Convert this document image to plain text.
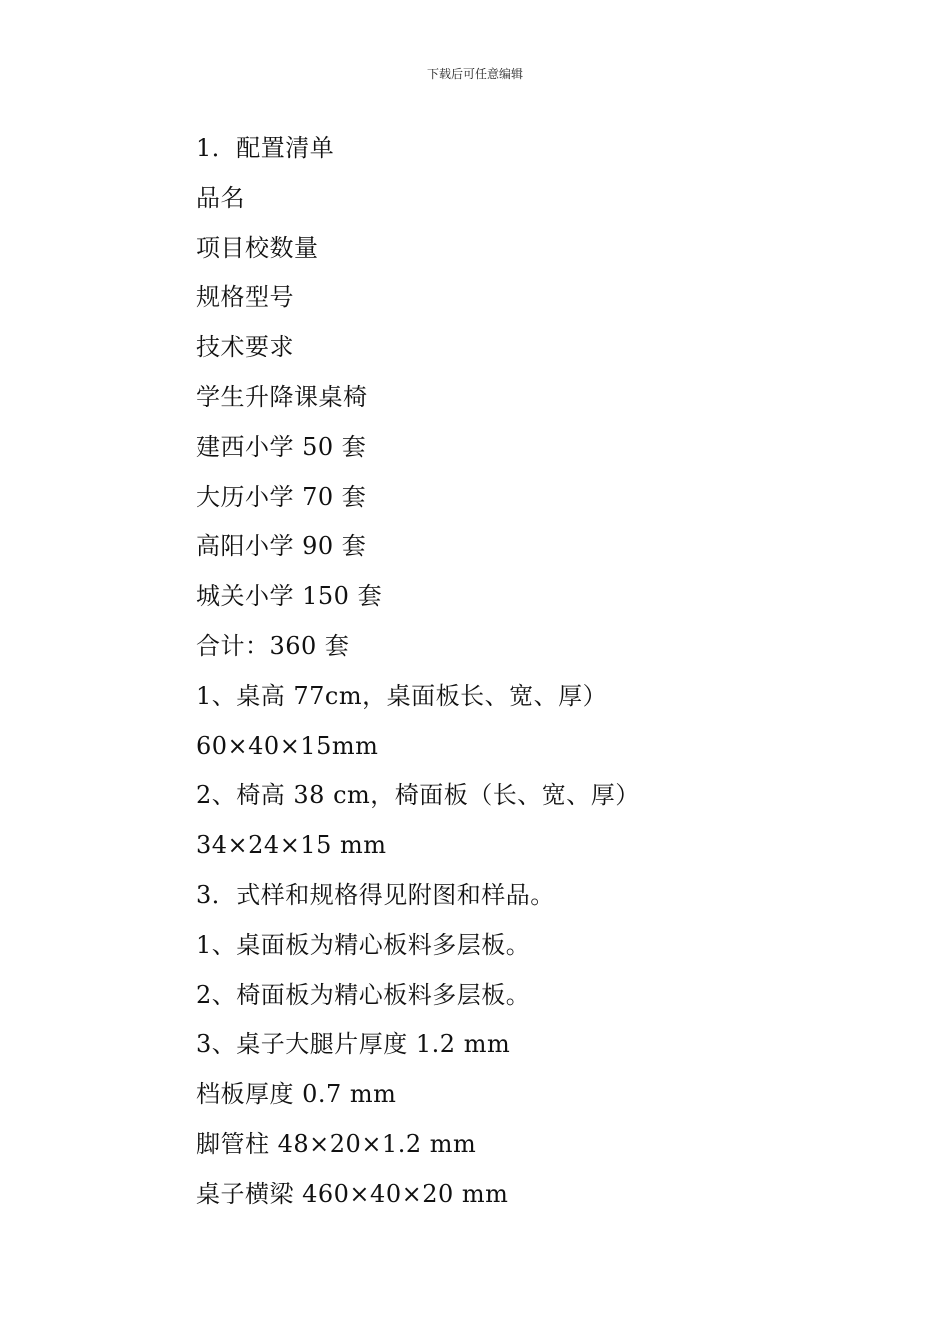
下载后可任意编辑
1．配置清单
品名
项目校数量
规格型号
技术要求
学生升降课桌椅
建西小学 50 套
大历小学 70 套
高阳小学 90 套
城关小学 150 套
合计：360 套
1、桌高 77cm，桌面板长、宽、厚）
60×40×15mm
2、椅高 38 cm，椅面板（长、宽、厚）
34×24×15 mm
3．式样和规格得见附图和样品。
1、桌面板为精心板料多层板。
2、椅面板为精心板料多层板。
3、桌子大腿片厚度 1.2 mm
档板厚度 0.7 mm
脚管柱 48×20×1.2 mm
桌子横梁 460×40×20 mm
